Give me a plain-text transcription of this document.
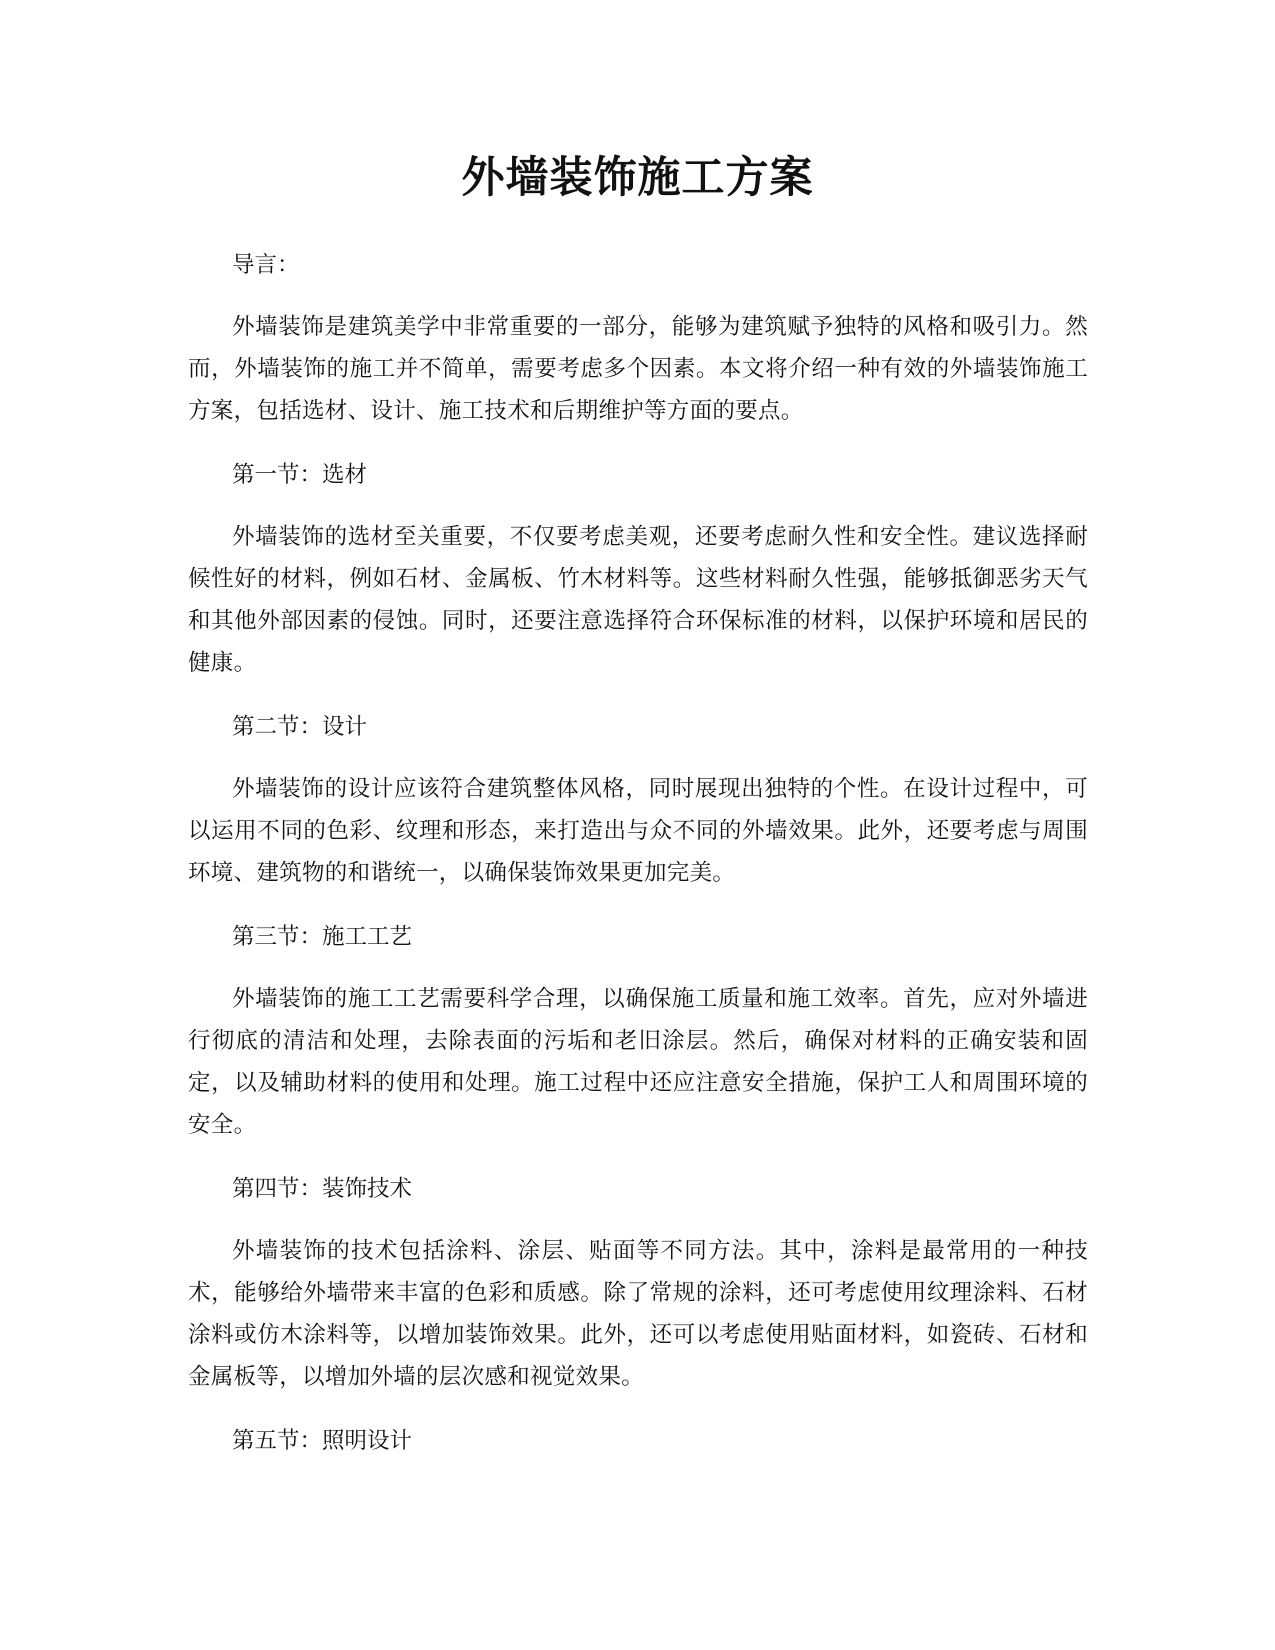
外墙装饰施工方案

导言：

外墙装饰是建筑美学中非常重要的一部分，能够为建筑赋予独特的风格和吸引力。然而，外墙装饰的施工并不简单，需要考虑多个因素。本文将介绍一种有效的外墙装饰施工方案，包括选材、设计、施工技术和后期维护等方面的要点。

第一节：选材

外墙装饰的选材至关重要，不仅要考虑美观，还要考虑耐久性和安全性。建议选择耐候性好的材料，例如石材、金属板、竹木材料等。这些材料耐久性强，能够抵御恶劣天气和其他外部因素的侵蚀。同时，还要注意选择符合环保标准的材料，以保护环境和居民的健康。

第二节：设计

外墙装饰的设计应该符合建筑整体风格，同时展现出独特的个性。在设计过程中，可以运用不同的色彩、纹理和形态，来打造出与众不同的外墙效果。此外，还要考虑与周围环境、建筑物的和谐统一，以确保装饰效果更加完美。

第三节：施工工艺

外墙装饰的施工工艺需要科学合理，以确保施工质量和施工效率。首先，应对外墙进行彻底的清洁和处理，去除表面的污垢和老旧涂层。然后，确保对材料的正确安装和固定，以及辅助材料的使用和处理。施工过程中还应注意安全措施，保护工人和周围环境的安全。

第四节：装饰技术

外墙装饰的技术包括涂料、涂层、贴面等不同方法。其中，涂料是最常用的一种技术，能够给外墙带来丰富的色彩和质感。除了常规的涂料，还可考虑使用纹理涂料、石材涂料或仿木涂料等，以增加装饰效果。此外，还可以考虑使用贴面材料，如瓷砖、石材和金属板等，以增加外墙的层次感和视觉效果。

第五节：照明设计
